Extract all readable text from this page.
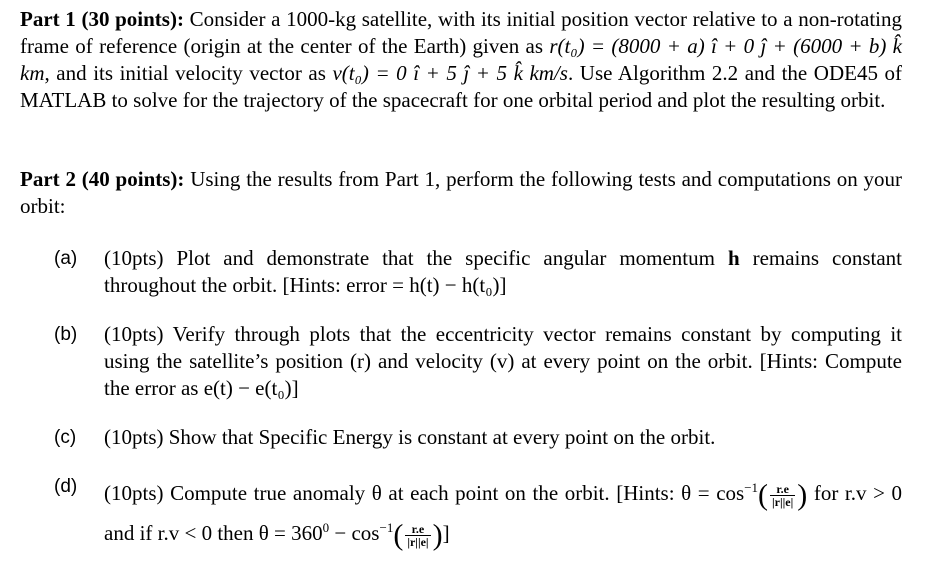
Part 1 (30 points): Consider a 1000-kg satellite, with its initial position vector relative to a non-rotating frame of reference (origin at the center of the Earth) given as r(t₀) = (8000 + a) î + 0 ĵ + (6000 + b) k̂ km, and its initial velocity vector as v(t₀) = 0 î + 5 ĵ + 5 k̂ km/s. Use Algorithm 2.2 and the ODE45 of MATLAB to solve for the trajectory of the spacecraft for one orbital period and plot the resulting orbit.

Part 2 (40 points): Using the results from Part 1, perform the following tests and computations on your orbit:

(a)	(10pts) Plot and demonstrate that the specific angular momentum h remains constant throughout the orbit. [Hints: error = h(t) − h(t₀)]
(b)	(10pts) Verify through plots that the eccentricity vector remains constant by computing it using the satellite’s position (r) and velocity (v) at every point on the orbit. [Hints: Compute the error as e(t) − e(t₀)]
(c)	(10pts) Show that Specific Energy is constant at every point on the orbit.
(d)	(10pts) Compute true anomaly θ at each point on the orbit. [Hints: $\theta = \cos^{-1}( \frac{r.e}{|r||e|}$ ) for r.v > 0 and if r.v < 0 then $\theta = 360^0 - \cos^{-1}( \frac{r.e}{|r||e|}$ )]
